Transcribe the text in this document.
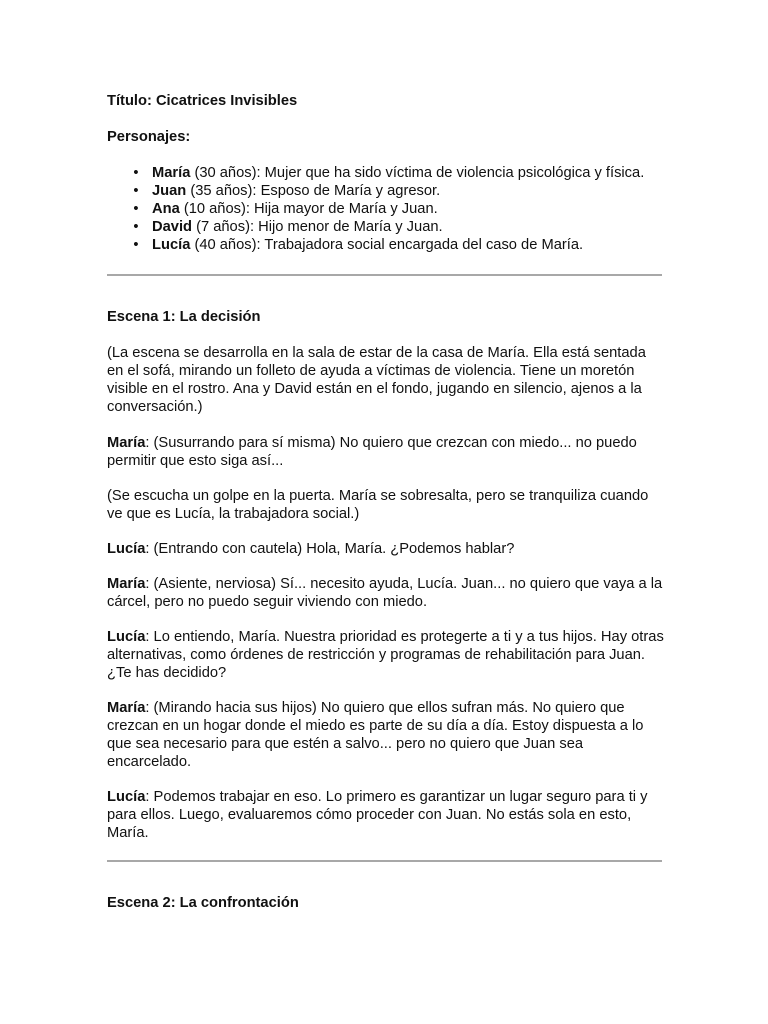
Título: Cicatrices Invisibles

Personajes:

• María (30 años): Mujer que ha sido víctima de violencia psicológica y física.
• Juan (35 años): Esposo de María y agresor.
• Ana (10 años): Hija mayor de María y Juan.
• David (7 años): Hijo menor de María y Juan.
• Lucía (40 años): Trabajadora social encargada del caso de María.

Escena 1: La decisión

(La escena se desarrolla en la sala de estar de la casa de María. Ella está sentada en el sofá, mirando un folleto de ayuda a víctimas de violencia. Tiene un moretón visible en el rostro. Ana y David están en el fondo, jugando en silencio, ajenos a la conversación.)

María: (Susurrando para sí misma) No quiero que crezcan con miedo... no puedo permitir que esto siga así...

(Se escucha un golpe en la puerta. María se sobresalta, pero se tranquiliza cuando ve que es Lucía, la trabajadora social.)

Lucía: (Entrando con cautela) Hola, María. ¿Podemos hablar?

María: (Asiente, nerviosa) Sí... necesito ayuda, Lucía. Juan... no quiero que vaya a la cárcel, pero no puedo seguir viviendo con miedo.

Lucía: Lo entiendo, María. Nuestra prioridad es protegerte a ti y a tus hijos. Hay otras alternativas, como órdenes de restricción y programas de rehabilitación para Juan. ¿Te has decidido?

María: (Mirando hacia sus hijos) No quiero que ellos sufran más. No quiero que crezcan en un hogar donde el miedo es parte de su día a día. Estoy dispuesta a lo que sea necesario para que estén a salvo... pero no quiero que Juan sea encarcelado.

Lucía: Podemos trabajar en eso. Lo primero es garantizar un lugar seguro para ti y para ellos. Luego, evaluaremos cómo proceder con Juan. No estás sola en esto, María.

Escena 2: La confrontación
